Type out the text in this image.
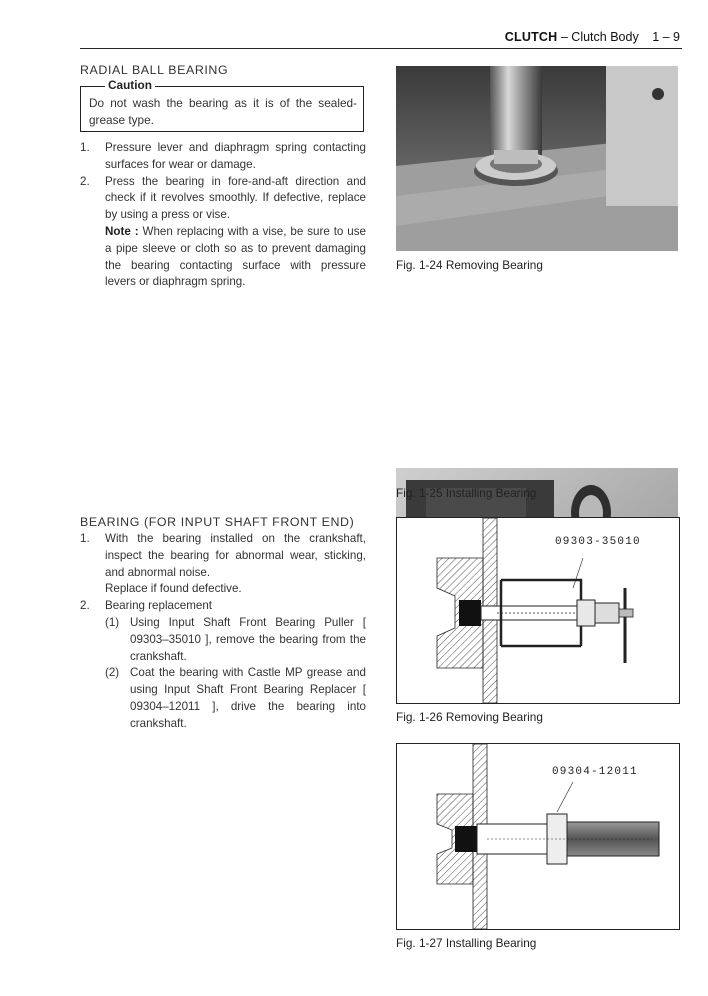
CLUTCH – Clutch Body 1 – 9
RADIAL BALL BEARING
Caution
Do not wash the bearing as it is of the sealed-grease type.
1. Pressure lever and diaphragm spring contacting surfaces for wear or damage.
2. Press the bearing in fore-and-aft direction and check if it revolves smoothly. If defective, replace by using a press or vise.
Note : When replacing with a vise, be sure to use a pipe sleeve or cloth so as to prevent damaging the bearing contacting surface with pressure levers or diaphragm spring.
BEARING (FOR INPUT SHAFT FRONT END)
1. With the bearing installed on the crankshaft, inspect the bearing for abnormal wear, sticking, and abnormal noise.
Replace if found defective.
2. Bearing replacement
(1) Using Input Shaft Front Bearing Puller [ 09303–35010 ], remove the bearing from the crankshaft.
(2) Coat the bearing with Castle MP grease and using Input Shaft Front Bearing Replacer [ 09304–12011 ], drive the bearing into crankshaft.
Fig. 1-24 Removing Bearing
Fig. 1-25 Installing Bearing
09303-35010
Fig. 1-26 Removing Bearing
09304-12011
Fig. 1-27 Installing Bearing
